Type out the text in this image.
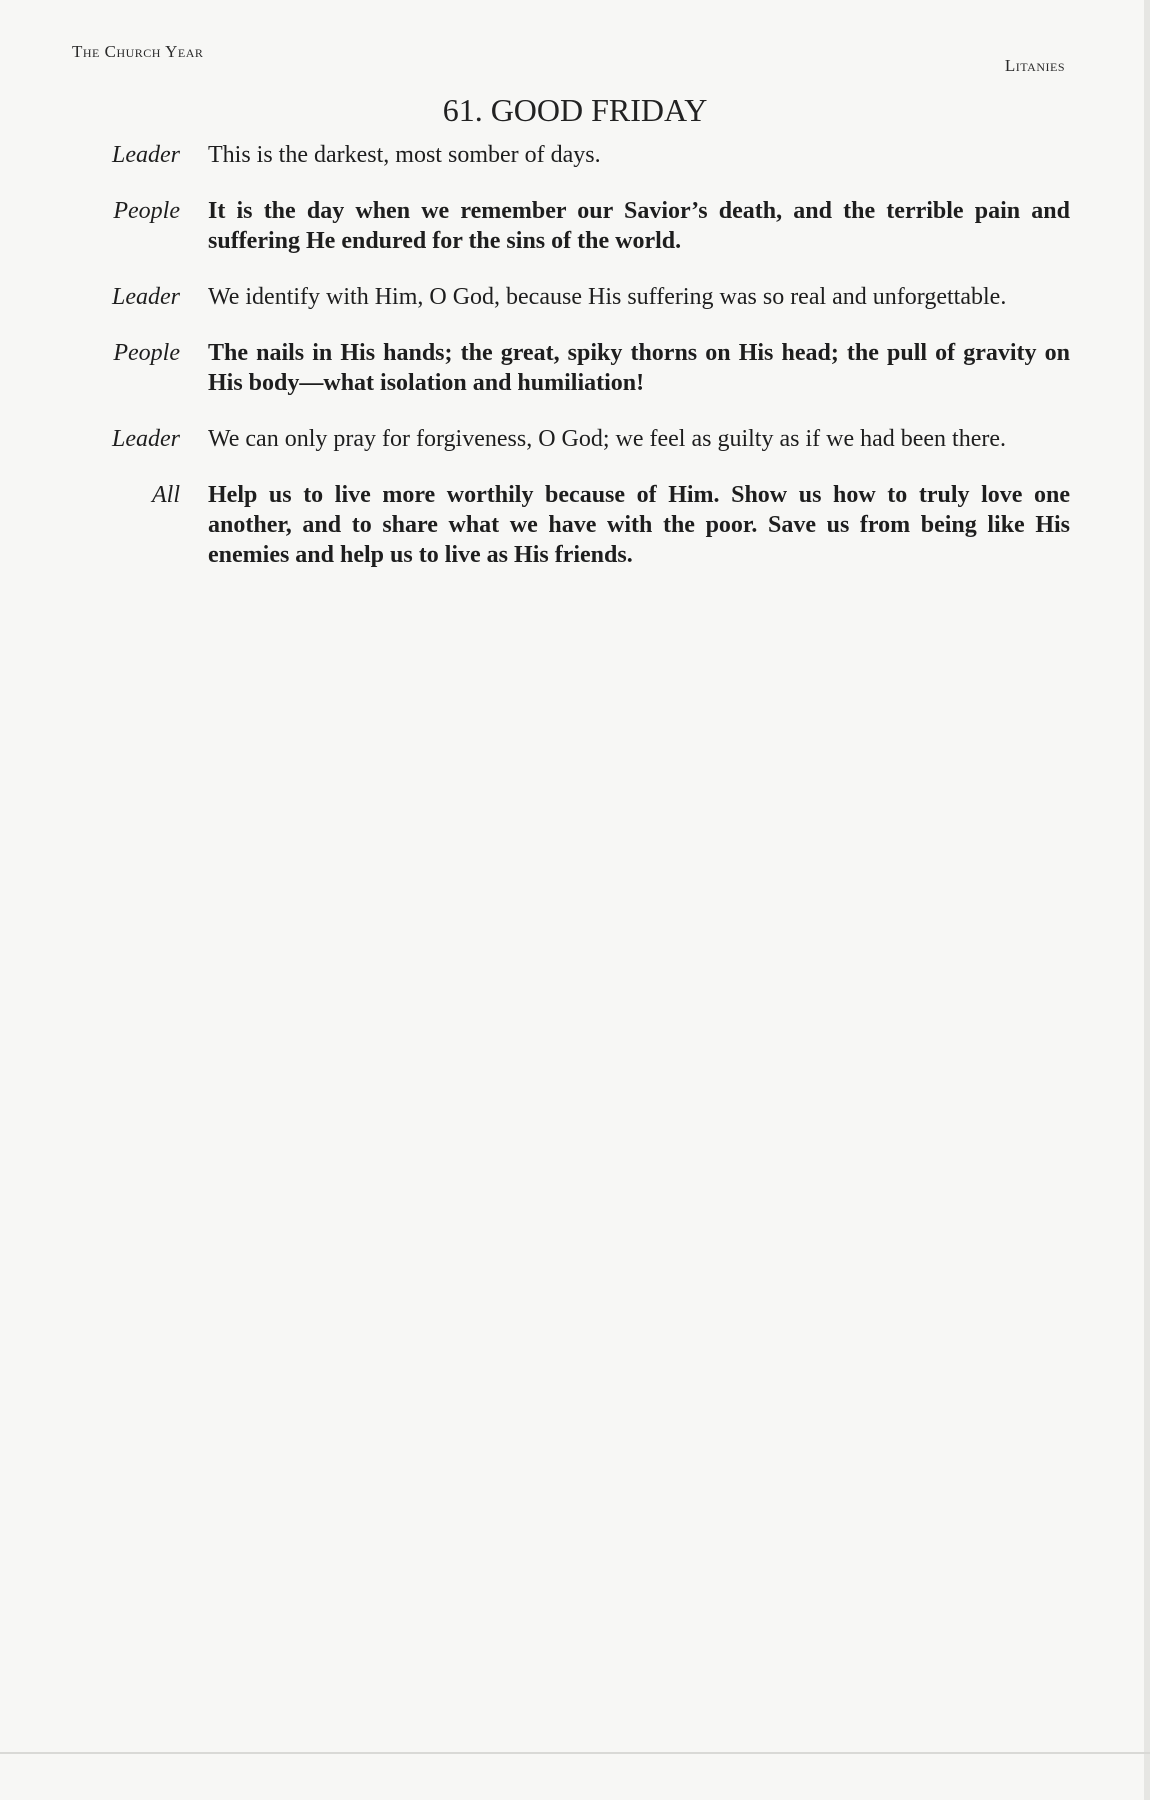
The Church Year
Litanies
61. GOOD FRIDAY
Leader	This is the darkest, most somber of days.
People	It is the day when we remember our Savior’s death, and the terrible pain and suffering He endured for the sins of the world.
Leader	We identify with Him, O God, because His suffering was so real and unforgettable.
People	The nails in His hands; the great, spiky thorns on His head; the pull of gravity on His body—what isolation and humiliation!
Leader	We can only pray for forgiveness, O God; we feel as guilty as if we had been there.
All	Help us to live more worthily because of Him. Show us how to truly love one another, and to share what we have with the poor. Save us from being like His enemies and help us to live as His friends.
